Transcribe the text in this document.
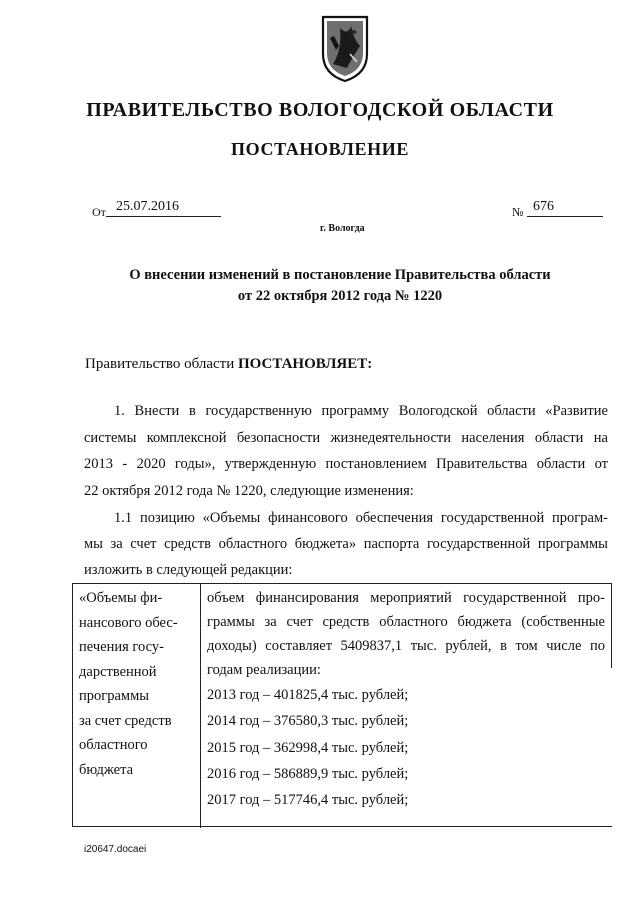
ПРАВИТЕЛЬСТВО ВОЛОГОДСКОЙ ОБЛАСТИ
ПОСТАНОВЛЕНИЕ
От 25.07.2016	№ 676
г. Вологда
О внесении изменений в постановление Правительства области
от 22 октября 2012 года № 1220
Правительство области ПОСТАНОВЛЯЕТ:
1. Внести в государственную программу Вологодской области «Развитие
системы комплексной безопасности жизнедеятельности населения области на
2013 - 2020 годы», утвержденную постановлением Правительства области от
22 октября 2012 года № 1220, следующие изменения:
1.1 позицию «Объемы финансового обеспечения государственной програм-
мы за счет средств областного бюджета» паспорта государственной программы
изложить в следующей редакции:
«Объемы фи-
нансового обес-
печения госу-
дарственной
программы
за счет средств
областного
бюджета
объем финансирования мероприятий государственной про-
граммы за счет средств областного бюджета (собственные
доходы) составляет 5409837,1 тыс. рублей, в том числе по
годам реализации:
2013 год – 401825,4 тыс. рублей;
2014 год – 376580,3 тыс. рублей;
2015 год – 362998,4 тыс. рублей;
2016 год – 586889,9 тыс. рублей;
2017 год – 517746,4 тыс. рублей;
i20647.docaei
